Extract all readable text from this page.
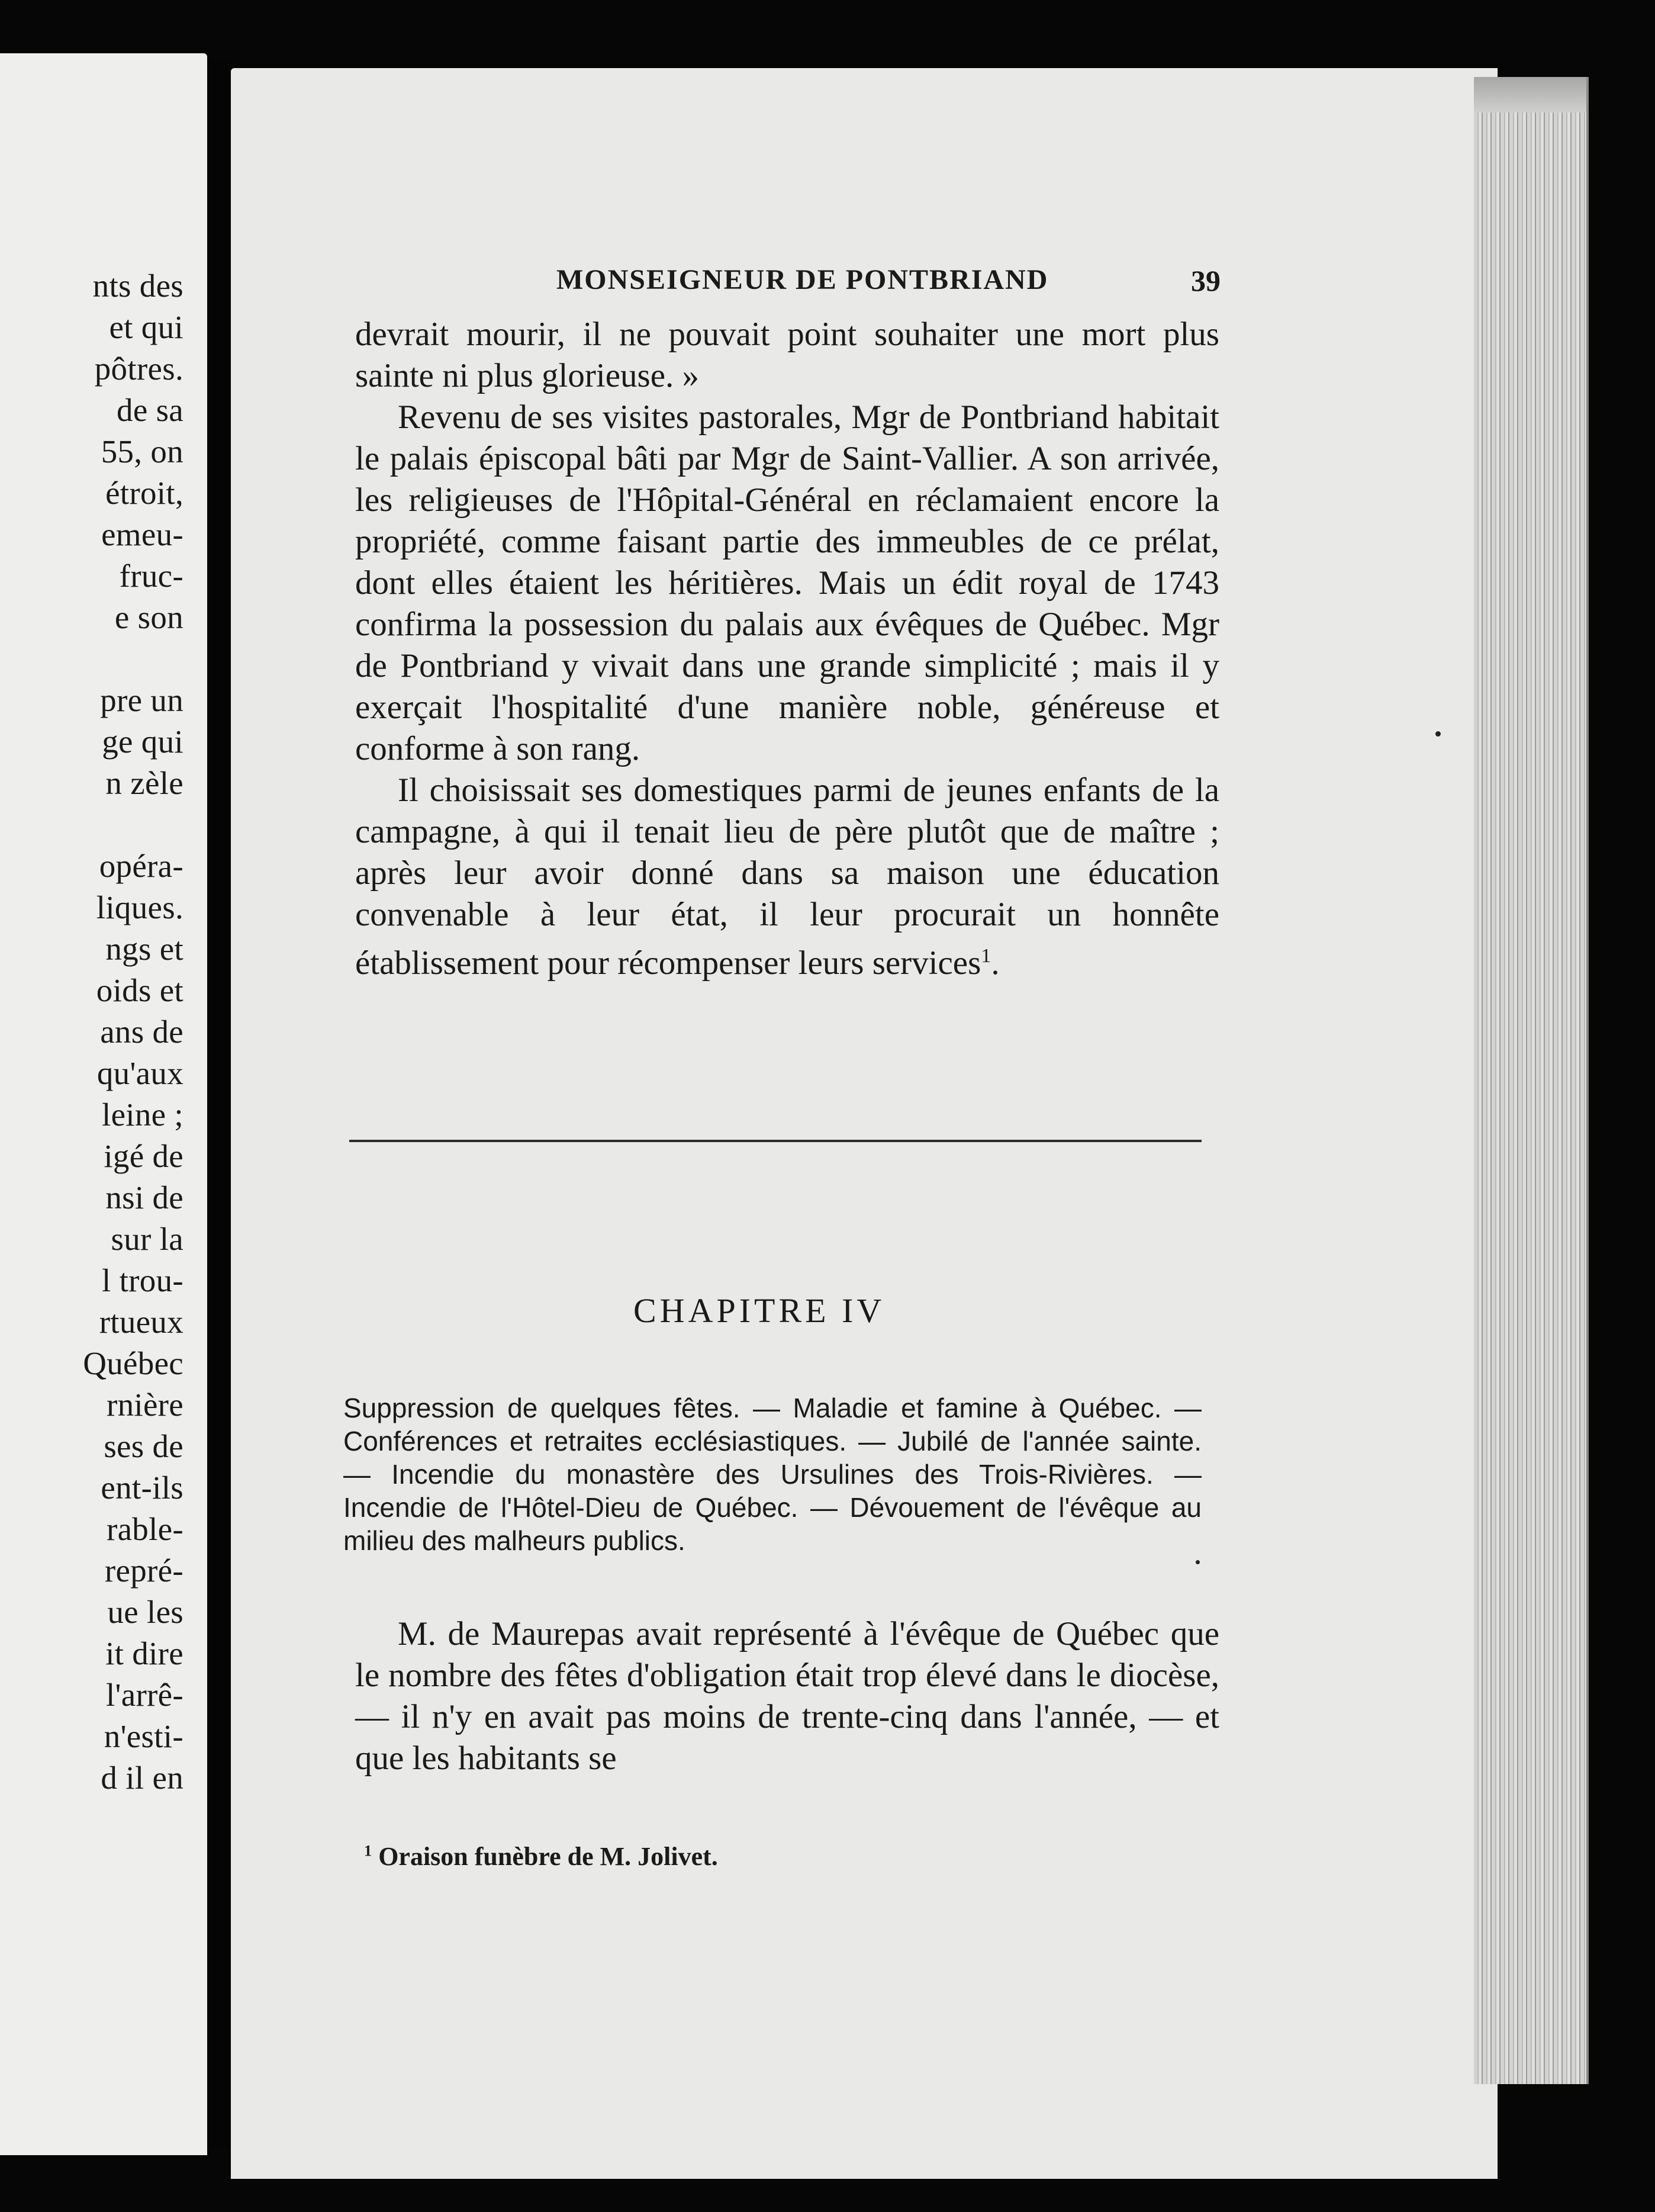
nts des
et qui
pôtres.
de sa
55, on
étroit,
emeu-
fruc-
e son
pre un
ge qui
n zèle
opéra-
liques.
ngs et
oids et
ans de
qu'aux
leine ;
igé de
nsi de
sur la
l trou-
rtueux
Québec
rnière
ses de
ent-ils
rable-
repré-
ue les
it dire
l'arrê-
n'esti-
d il en
MONSEIGNEUR DE PONTBRIAND	39

devrait mourir, il ne pouvait point souhaiter une mort plus sainte ni plus glorieuse. »

Revenu de ses visites pastorales, Mgr de Pontbriand habitait le palais épiscopal bâti par Mgr de Saint-Vallier. A son arrivée, les religieuses de l'Hôpital-Général en réclamaient encore la propriété, comme faisant partie des immeubles de ce prélat, dont elles étaient les héritières. Mais un édit royal de 1743 confirma la possession du palais aux évêques de Québec. Mgr de Pontbriand y vivait dans une grande simplicité ; mais il y exerçait l'hospitalité d'une manière noble, généreuse et conforme à son rang.

Il choisissait ses domestiques parmi de jeunes enfants de la campagne, à qui il tenait lieu de père plutôt que de maître ; après leur avoir donné dans sa maison une éducation convenable à leur état, il leur procurait un honnête établissement pour récompenser leurs services$^1$.

CHAPITRE IV

Suppression de quelques fêtes. — Maladie et famine à Québec. — Conférences et retraites ecclésiastiques. — Jubilé de l'année sainte. — Incendie du monastère des Ursulines des Trois-Rivières. — Incendie de l'Hôtel-Dieu de Québec. — Dévouement de l'évêque au milieu des malheurs publics.

M. de Maurepas avait représenté à l'évêque de Québec que le nombre des fêtes d'obligation était trop élevé dans le diocèse, — il n'y en avait pas moins de trente-cinq dans l'année, — et que les habitants se

$^1$ Oraison funèbre de M. Jolivet.
